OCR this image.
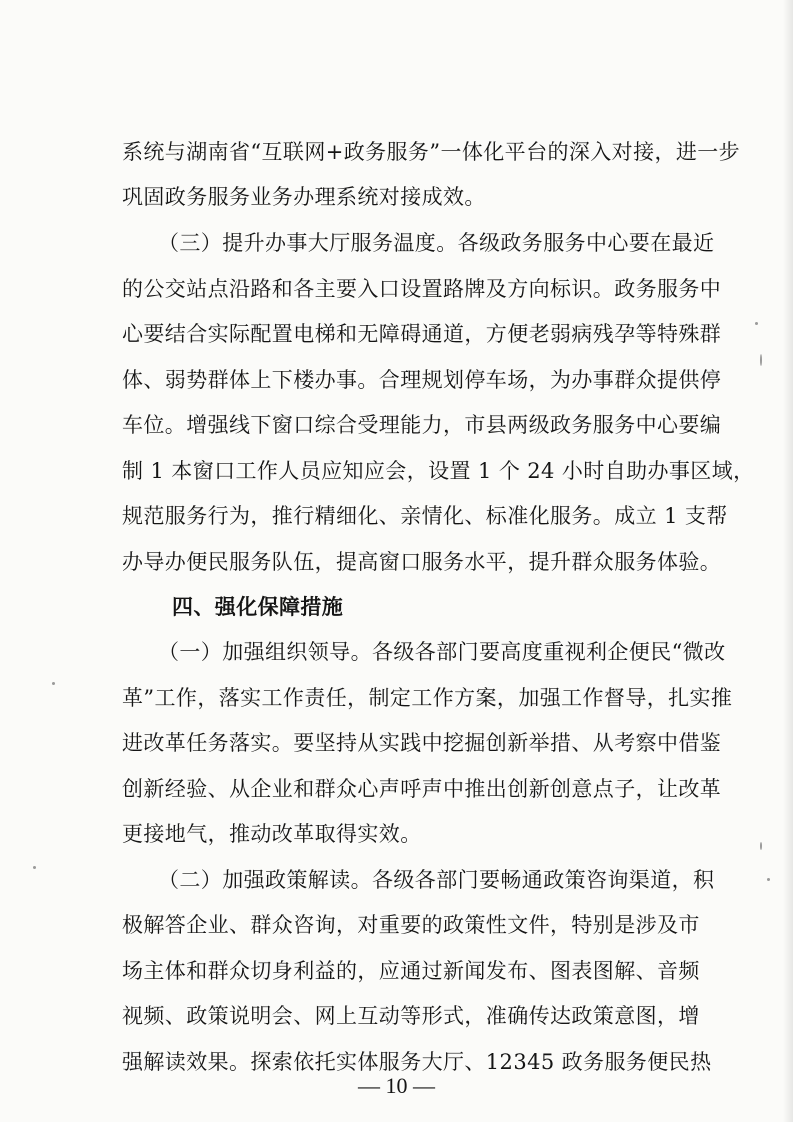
系统与湖南省“互联网+政务服务”一体化平台的深入对接，进一步
巩固政务服务业务办理系统对接成效。
（三）提升办事大厅服务温度。各级政务服务中心要在最近
的公交站点沿路和各主要入口设置路牌及方向标识。政务服务中
心要结合实际配置电梯和无障碍通道，方便老弱病残孕等特殊群
体、弱势群体上下楼办事。合理规划停车场，为办事群众提供停
车位。增强线下窗口综合受理能力，市县两级政务服务中心要编
制 1 本窗口工作人员应知应会，设置 1 个 24 小时自助办事区域，
规范服务行为，推行精细化、亲情化、标准化服务。成立 1 支帮
办导办便民服务队伍，提高窗口服务水平，提升群众服务体验。
四、强化保障措施
（一）加强组织领导。各级各部门要高度重视利企便民“微改
革”工作，落实工作责任，制定工作方案，加强工作督导，扎实推
进改革任务落实。要坚持从实践中挖掘创新举措、从考察中借鉴
创新经验、从企业和群众心声呼声中推出创新创意点子，让改革
更接地气，推动改革取得实效。
（二）加强政策解读。各级各部门要畅通政策咨询渠道，积
极解答企业、群众咨询，对重要的政策性文件，特别是涉及市
场主体和群众切身利益的，应通过新闻发布、图表图解、音频
视频、政策说明会、网上互动等形式，准确传达政策意图，增
强解读效果。探索依托实体服务大厅、12345 政务服务便民热
— 10 —
